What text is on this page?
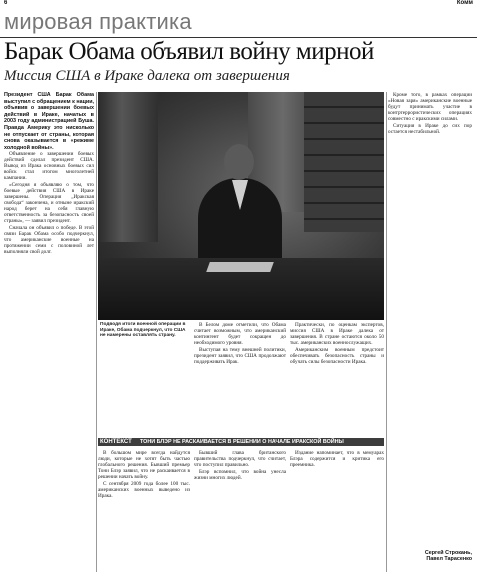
6	Комм
мировая практика
Барак Обама объявил войну мирной
Миссия США в Ираке далека от завершения
Президент США Барак Обама выступил с обращением к нации, объявив о завершении боевых действий в Ираке, начатых в 2003 году администрацией Буша. Правда Америку это нисколько не отпускает от страны, которая снова оказывается в «режиме холодной войны».

Объявление о завершении боевых действий сделал президент США. Вывод из Ирака основных боевых сил войск стал итогом многолетней кампании.

«Сегодня я объявляю о том, что боевые действия США в Ираке завершены. Операция „Иракская свобода“ закончена, и отныне иракский народ берет на себя главную ответственность за безопасность своей страны», — заявил президент.

Сначала он объявил о победе. В этой связи Барак Обама особо подчеркнул, что американские военные на протяжении семи с половиной лет выполняли свой долг.

Кроме того, в рамках операции «Новая заря» американские военные будут принимать участие в контртеррористических операциях совместно с иракскими силами.

Ситуация в Ираке до сих пор остается нестабильной.

Подводя итоги военной операции в Ираке, Обама подчеркнул, что США не намерены оставлять страну.

В Белом доме отметили, что Обама считает возможным, что американский контингент будет сокращен до необходимого уровня.

Выступая на тему внешней политики, президент заявил, что США продолжают поддерживать Ирак.

Практически, по оценкам экспертов, миссия США в Ираке далека от завершения. В стране остаются около 50 тыс. американских военнослужащих.

Американским военным предстоит обеспечивать безопасность страны и обучать силы безопасности Ирака.

КОНТЕКСТ ТОНИ БЛЭР НЕ РАСКАИВАЕТСЯ В РЕШЕНИИ О НАЧАЛЕ ИРАКСКОЙ ВОЙНЫ

В большом мире всегда найдутся люди, которые не хотят быть частью глобального решения. Бывший премьер Тони Блэр заявил, что не раскаивается в решении начать войну.

С сентября 2009 года более 100 тыс. американских военных выведено из Ирака.

Бывший глава британского правительства подчеркнул, что считает, что поступил правильно.

Блэр вспомнил, что война унесла жизни многих людей.

Издание напоминает, что в мемуарах Блэра содержится и критика его преемника.

Сергей Строкань,
Павел Тарасенко
